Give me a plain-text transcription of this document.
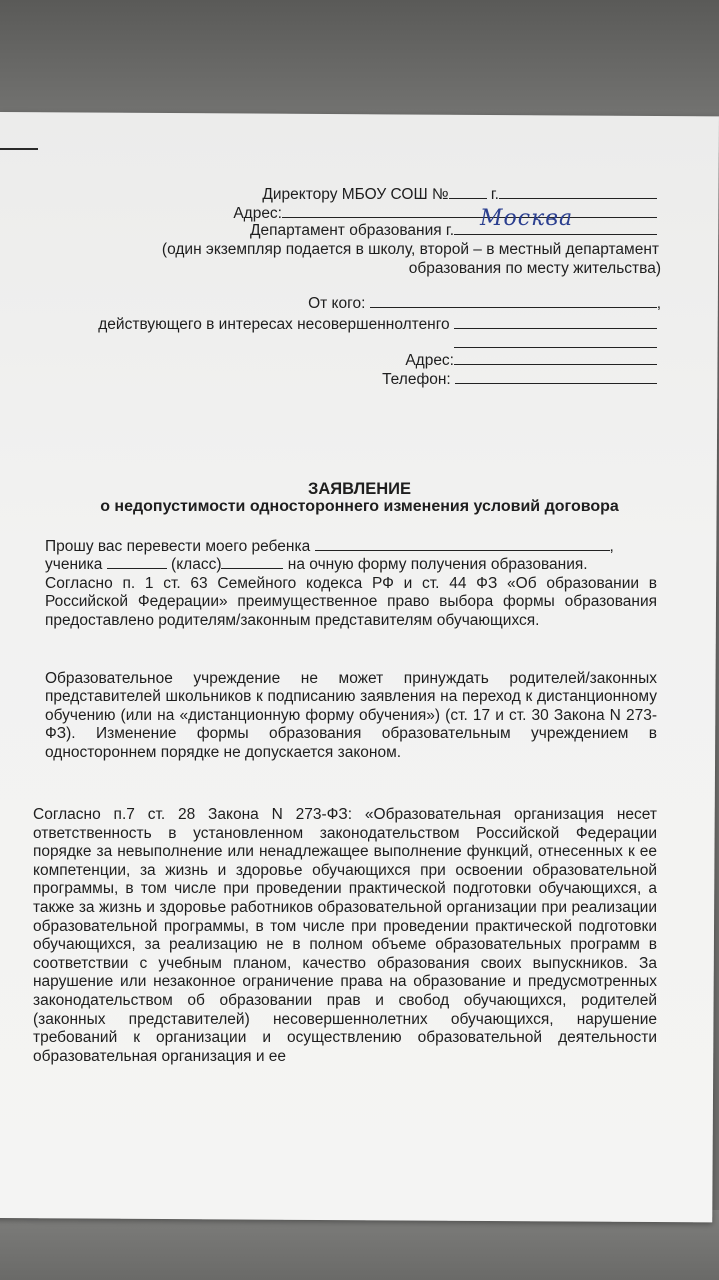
Директору МБОУ СОШ №	г.
Адрес:
Департамент образования г.	Москва
(один экземпляр подается в школу, второй – в местный департамент
образования по месту жительства)
От кого:	,
действующего в интересах несовершеннолтенго
Адрес:
Телефон:
ЗАЯВЛЕНИЕ
о недопустимости одностороннего изменения условий договора
Прошу вас перевести моего ребенка	,
ученика	(класс)	на очную форму получения образования.
Согласно п. 1 ст. 63 Семейного кодекса РФ и ст. 44 ФЗ «Об образовании в Российской Федерации» преимущественное право выбора формы образования предоставлено родителям/законным представителям обучающихся.
Образовательное учреждение не может принуждать родителей/законных представителей школьников к подписанию заявления на переход к дистанционному обучению (или на «дистанционную форму обучения») (ст. 17 и ст. 30 Закона N 273-ФЗ). Изменение формы образования образовательным учреждением в одностороннем порядке не допускается законом.
Согласно п.7 ст. 28 Закона N 273-ФЗ: «Образовательная организация несет ответственность в установленном законодательством Российской Федерации порядке за невыполнение или ненадлежащее выполнение функций, отнесенных к ее компетенции, за жизнь и здоровье обучающихся при освоении образовательной программы, в том числе при проведении практической подготовки обучающихся, а также за жизнь и здоровье работников образовательной организации при реализации образовательной программы, в том числе при проведении практической подготовки обучающихся, за реализацию не в полном объеме образовательных программ в соответствии с учебным планом, качество образования своих выпускников. За нарушение или незаконное ограничение права на образование и предусмотренных законодательством об образовании прав и свобод обучающихся, родителей (законных представителей) несовершеннолетних обучающихся, нарушение требований к организации и осуществлению образовательной деятельности образовательная организация и ее
